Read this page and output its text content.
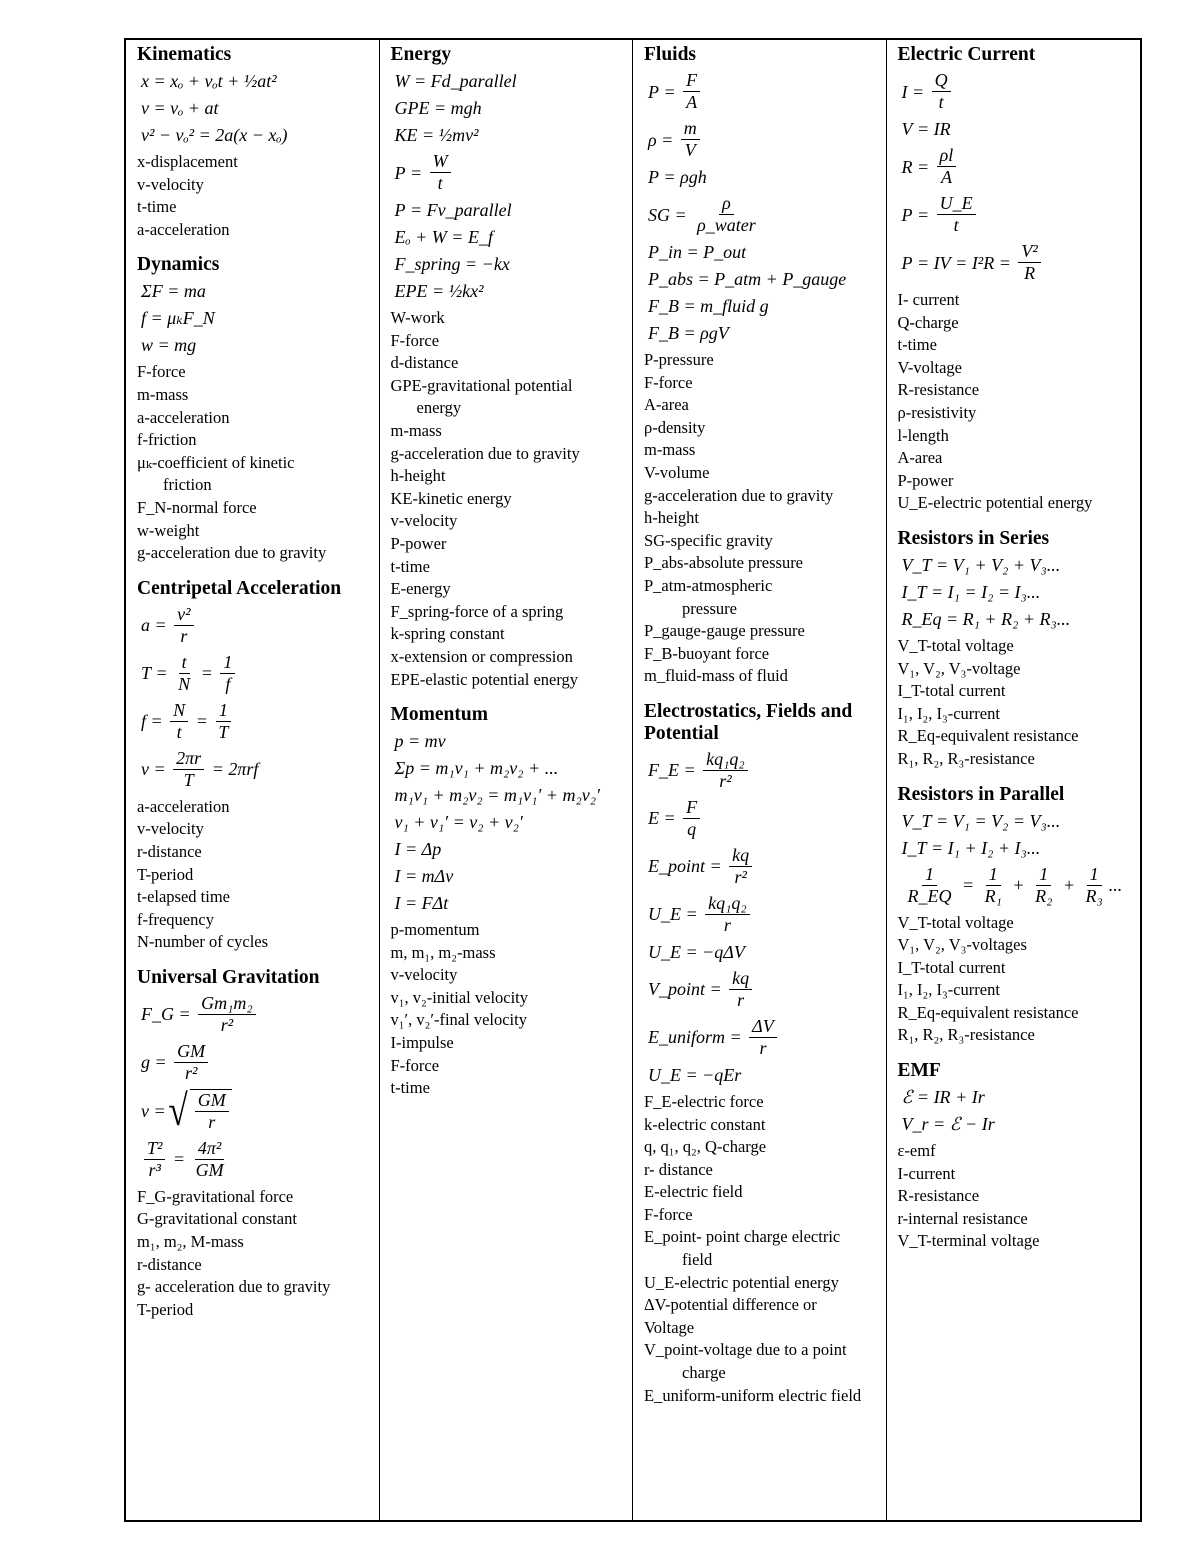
Kinematics
x = xₒ + vₒt + ½at²
v = vₒ + at
v² − vₒ² = 2a(x − xₒ)
x-displacement
v-velocity
t-time
a-acceleration
Dynamics
ΣF = ma
f = μₖF_N
w = mg
F-force
m-mass
a-acceleration
f-friction
μₖ-coefficient of kinetic
friction
F_N-normal force
w-weight
g-acceleration due to gravity
Centripetal Acceleration
$a = \frac{\text{v²}}{r}$
$T = \frac{t}{N} = \frac{1}{f}$
$f = \frac{N}{t} = \frac{1}{T}$
$v = \frac{2\pi r}{T} = 2\pi rf$
a-acceleration
v-velocity
r-distance
T-period
t-elapsed time
f-frequency
N-number of cycles
Universal Gravitation
F_G = $\frac{\text{Gm₁m₂}}{\text{r²}}$
$g = \frac{GM}{\text{r²}}$
v = √ $\frac{GM}{r}$
$\frac{\text{T²}}{\text{r³}} = \frac{\text{4π²}}{GM}$
F_G-gravitational force
G-gravitational constant
m₁, m₂, M-mass
r-distance
g- acceleration due to gravity
T-period
Energy
W = Fd_parallel
GPE = mgh
KE = ½mv²
$P = \frac{W}{t}$
P = Fv_parallel
Eₒ + W = E_f
F_spring = −kx
EPE = ½kx²
W-work
F-force
d-distance
GPE-gravitational potential
energy
m-mass
g-acceleration due to gravity
h-height
KE-kinetic energy
v-velocity
P-power
t-time
E-energy
F_spring-force of a spring
k-spring constant
x-extension or compression
EPE-elastic potential energy
Momentum
p = mv
Σp = m₁v₁ + m₂v₂ + ...
m₁v₁ + m₂v₂ = m₁v₁′ + m₂v₂′
v₁ + v₁′ = v₂ + v₂′
I = Δp
I = mΔv
I = FΔt
p-momentum
m, m₁, m₂-mass
v-velocity
v₁, v₂-initial velocity
v₁′, v₂′-final velocity
I-impulse
F-force
t-time
Fluids
$P = \frac{F}{A}$
$\rho = \frac{m}{V}$
P = ρgh
SG = $\frac{\rho}{\text{ρ\_water}}$
P_in = P_out
P_abs = P_atm + P_gauge
F_B = m_fluid g
F_B = ρgV
P-pressure
F-force
A-area
ρ-density
m-mass
V-volume
g-acceleration due to gravity
h-height
SG-specific gravity
P_abs-absolute pressure
P_atm-atmospheric
pressure
P_gauge-gauge pressure
F_B-buoyant force
m_fluid-mass of fluid
Electrostatics, Fields and Potential
F_E = $\frac{\text{kq₁q₂}}{\text{r²}}$
$E = \frac{F}{q}$
E_point = $\frac{kq}{\text{r²}}$
U_E = $\frac{\text{kq₁q₂}}{r}$
U_E = −qΔV
V_point = $\frac{kq}{r}$
E_uniform = $\frac{\Delta V}{r}$
U_E = −qEr
F_E-electric force
k-electric constant
q, q₁, q₂, Q-charge
r- distance
E-electric field
F-force
E_point- point charge electric
field
U_E-electric potential energy
ΔV-potential difference or
Voltage
V_point-voltage due to a point
charge
E_uniform-uniform electric field
Electric Current
$I = \frac{Q}{t}$
V = IR
$R = \frac{\rho l}{A}$
$P = \frac{U\_E}{t}$
P = IV = $I^2R = \frac{\text{V²}}{R}$
I- current
Q-charge
t-time
V-voltage
R-resistance
ρ-resistivity
l-length
A-area
P-power
U_E-electric potential energy
Resistors in Series
V_T = V₁ + V₂ + V₃...
I_T = I₁ = I₂ = I₃...
R_Eq = R₁ + R₂ + R₃...
V_T-total voltage
V₁, V₂, V₃-voltage
I_T-total current
I₁, I₂, I₃-current
R_Eq-equivalent resistance
R₁, R₂, R₃-resistance
Resistors in Parallel
V_T = V₁ = V₂ = V₃...
I_T = I₁ + I₂ + I₃...
$\frac{1}{R\_EQ} = \frac{1}{\text{R₁}} + \frac{1}{\text{R₂}} + \frac{1}{\text{R₃}}$ ...
V_T-total voltage
V₁, V₂, V₃-voltages
I_T-total current
I₁, I₂, I₃-current
R_Eq-equivalent resistance
R₁, R₂, R₃-resistance
EMF
ℰ = IR + Ir
V_r = ℰ − Ir
ε-emf
I-current
R-resistance
r-internal resistance
V_T-terminal voltage
